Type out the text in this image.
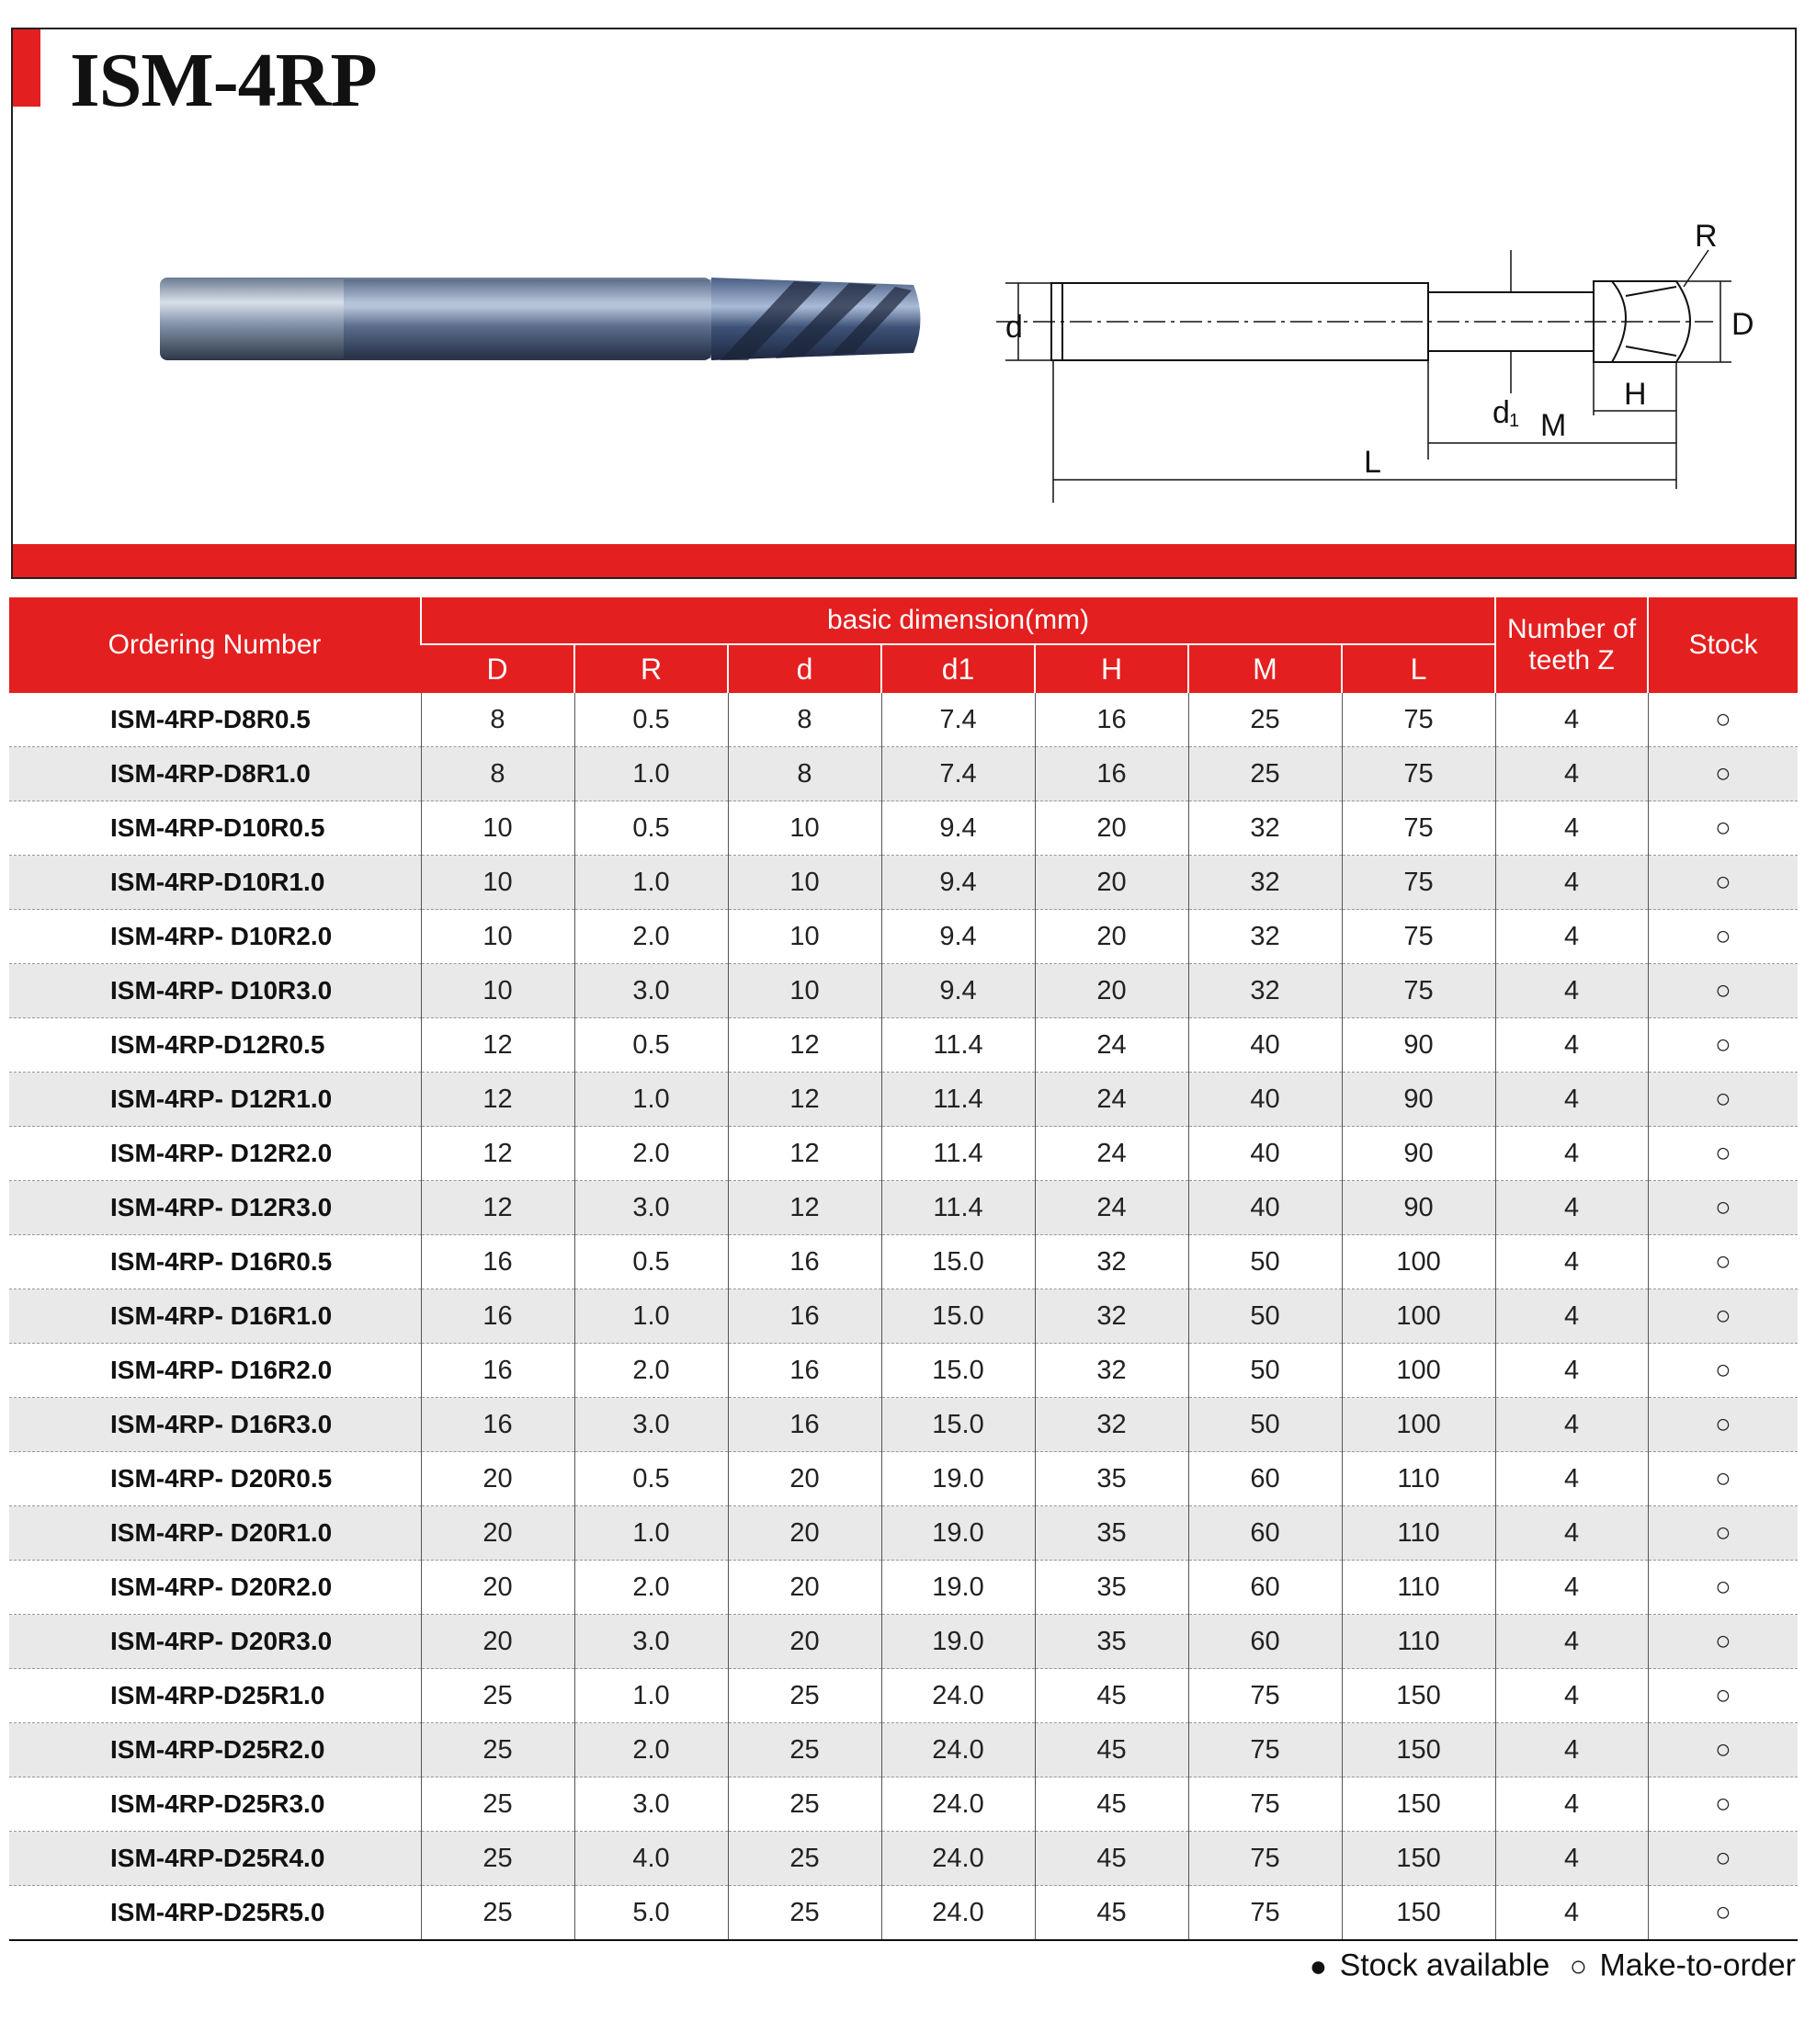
ISM-4RP
R
d	D
d 1
H
M
L
Ordering Number	basic dimension(mm)							Number of teeth Z	Stock
	D	R	d	d1	H	M	L		
ISM-4RP-D8R0.5	8	0.5	8	7.4	16	25	75	4	○
ISM-4RP-D8R1.0	8	1.0	8	7.4	16	25	75	4	○
ISM-4RP-D10R0.5	10	0.5	10	9.4	20	32	75	4	○
ISM-4RP-D10R1.0	10	1.0	10	9.4	20	32	75	4	○
ISM-4RP- D10R2.0	10	2.0	10	9.4	20	32	75	4	○
ISM-4RP- D10R3.0	10	3.0	10	9.4	20	32	75	4	○
ISM-4RP-D12R0.5	12	0.5	12	11.4	24	40	90	4	○
ISM-4RP- D12R1.0	12	1.0	12	11.4	24	40	90	4	○
ISM-4RP- D12R2.0	12	2.0	12	11.4	24	40	90	4	○
ISM-4RP- D12R3.0	12	3.0	12	11.4	24	40	90	4	○
ISM-4RP- D16R0.5	16	0.5	16	15.0	32	50	100	4	○
ISM-4RP- D16R1.0	16	1.0	16	15.0	32	50	100	4	○
ISM-4RP- D16R2.0	16	2.0	16	15.0	32	50	100	4	○
ISM-4RP- D16R3.0	16	3.0	16	15.0	32	50	100	4	○
ISM-4RP- D20R0.5	20	0.5	20	19.0	35	60	110	4	○
ISM-4RP- D20R1.0	20	1.0	20	19.0	35	60	110	4	○
ISM-4RP- D20R2.0	20	2.0	20	19.0	35	60	110	4	○
ISM-4RP- D20R3.0	20	3.0	20	19.0	35	60	110	4	○
ISM-4RP-D25R1.0	25	1.0	25	24.0	45	75	150	4	○
ISM-4RP-D25R2.0	25	2.0	25	24.0	45	75	150	4	○
ISM-4RP-D25R3.0	25	3.0	25	24.0	45	75	150	4	○
ISM-4RP-D25R4.0	25	4.0	25	24.0	45	75	150	4	○
ISM-4RP-D25R5.0	25	5.0	25	24.0	45	75	150	4	○
● Stock available ○ Make-to-order
